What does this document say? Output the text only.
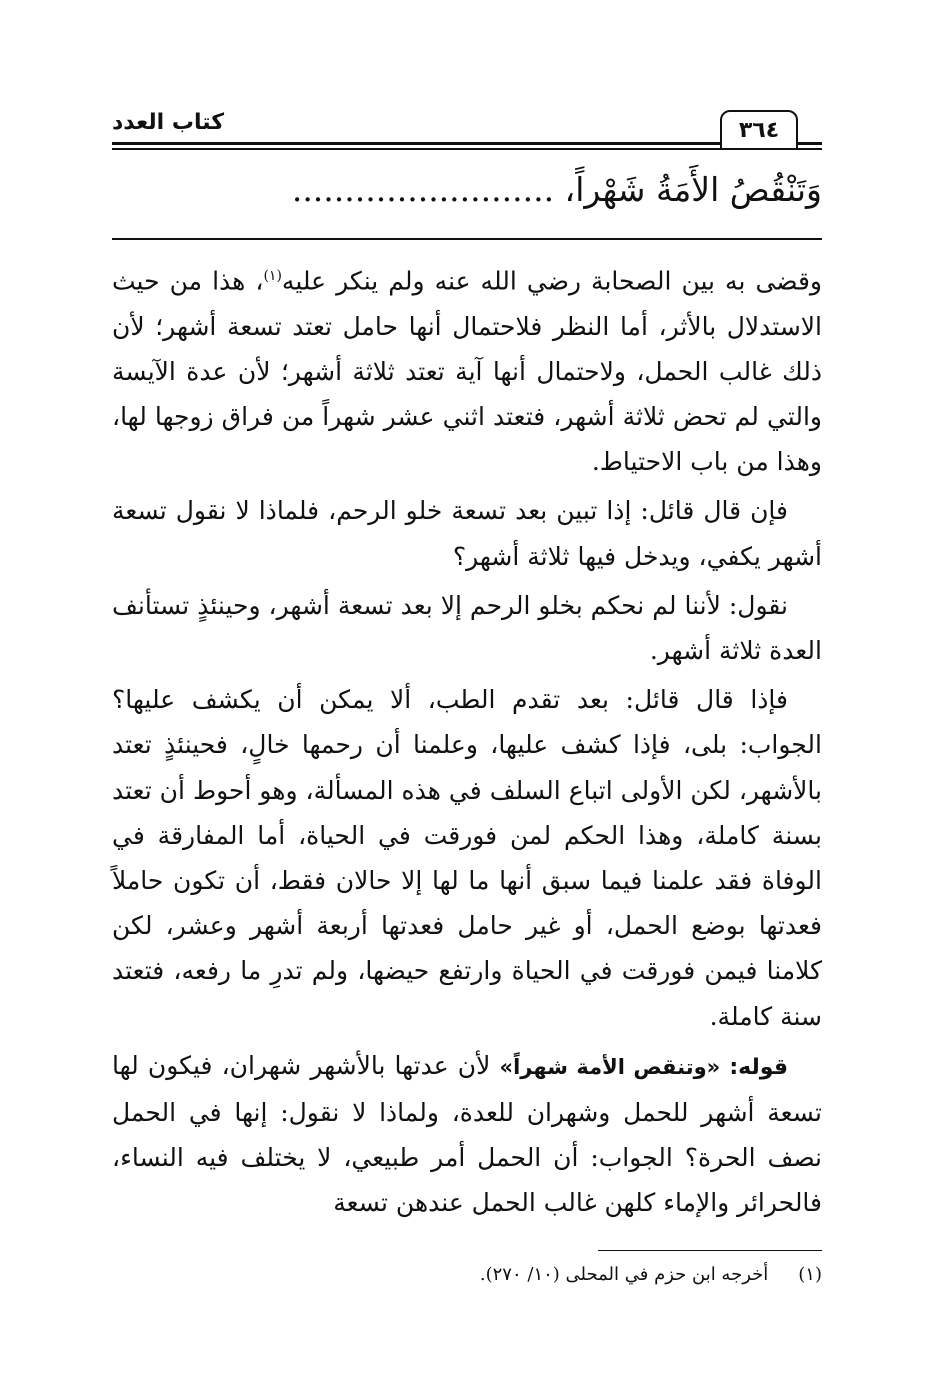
كتاب العدد	٣٦٤
وَتَنْقُصُ الأَمَةُ شَهْراً، .........................

وقضى به بين الصحابة رضي الله عنه ولم ينكر عليه$^{(١)}$، هذا من حيث الاستدلال بالأثر، أما النظر فلاحتمال أنها حامل تعتد تسعة أشهر؛ لأن ذلك غالب الحمل، ولاحتمال أنها آية تعتد ثلاثة أشهر؛ لأن عدة الآيسة والتي لم تحض ثلاثة أشهر، فتعتد اثني عشر شهراً من فراق زوجها لها، وهذا من باب الاحتياط.

فإن قال قائل: إذا تبين بعد تسعة خلو الرحم، فلماذا لا نقول تسعة أشهر يكفي، ويدخل فيها ثلاثة أشهر؟

نقول: لأننا لم نحكم بخلو الرحم إلا بعد تسعة أشهر، وحينئذٍ تستأنف العدة ثلاثة أشهر.

فإذا قال قائل: بعد تقدم الطب، ألا يمكن أن يكشف عليها؟ الجواب: بلى، فإذا كشف عليها، وعلمنا أن رحمها خالٍ، فحينئذٍ تعتد بالأشهر، لكن الأولى اتباع السلف في هذه المسألة، وهو أحوط أن تعتد بسنة كاملة، وهذا الحكم لمن فورقت في الحياة، أما المفارقة في الوفاة فقد علمنا فيما سبق أنها ما لها إلا حالان فقط، أن تكون حاملاً فعدتها بوضع الحمل، أو غير حامل فعدتها أربعة أشهر وعشر، لكن كلامنا فيمن فورقت في الحياة وارتفع حيضها، ولم تدرِ ما رفعه، فتعتد سنة كاملة.

قوله: «وتنقص الأمة شهراً» لأن عدتها بالأشهر شهران، فيكون لها تسعة أشهر للحمل وشهران للعدة، ولماذا لا نقول: إنها في الحمل نصف الحرة؟ الجواب: أن الحمل أمر طبيعي، لا يختلف فيه النساء، فالحرائر والإماء كلهن غالب الحمل عندهن تسعة

(١)أخرجه ابن حزم في المحلى (١٠/ ٢٧٠).
